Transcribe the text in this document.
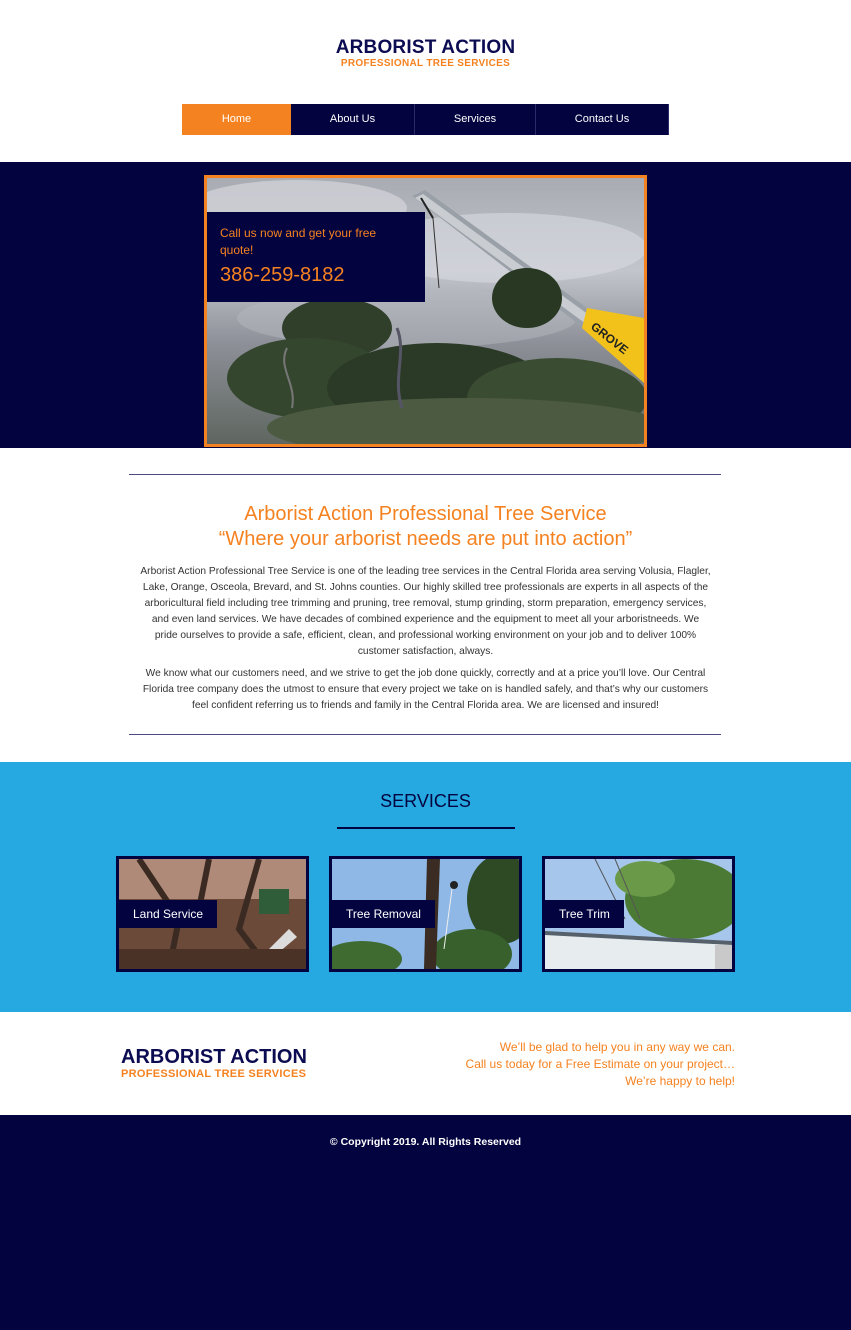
ARBORIST ACTION
PROFESSIONAL TREE SERVICES
Home	About Us	Services	Contact Us
GROVE
Call us now and get your free quote!
386-259-8182
Arborist Action Professional Tree Service
“Where your arborist needs are put into action”

Arborist Action Professional Tree Service is one of the leading tree services in the Central Florida area serving Volusia, Flagler, Lake, Orange, Osceola, Brevard, and St. Johns counties. Our highly skilled tree professionals are experts in all aspects of the arboricultural field including tree trimming and pruning, tree removal, stump grinding, storm preparation, emergency services, and even land services. We have decades of combined experience and the equipment to meet all your arboristneeds. We pride ourselves to provide a safe, efficient, clean, and professional working environment on your job and to deliver 100% customer satisfaction, always.

We know what our customers need, and we strive to get the job done quickly, correctly and at a price you’ll love. Our Central Florida tree company does the utmost to ensure that every project we take on is handled safely, and that’s why our customers feel confident referring us to friends and family in the Central Florida area. We are licensed and insured!

SERVICES
Land Service	Tree Removal	Tree Trim
ARBORIST ACTION
PROFESSIONAL TREE SERVICES
We’ll be glad to help you in any way we can.
Call us today for a Free Estimate on your project…
We’re happy to help!
© Copyright 2019. All Rights Reserved
